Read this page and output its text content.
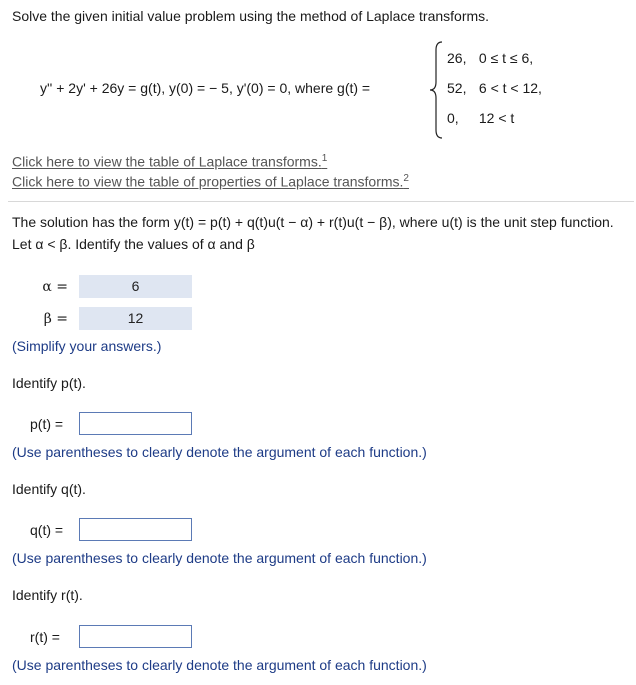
Solve the given initial value problem using the method of Laplace transforms.
y'' + 2y' + 26y = g(t), y(0) = − 5, y'(0) = 0, where g(t) =
26, 0 ≤ t ≤ 6,
52, 6 < t < 12,
0, 12 < t
Click here to view the table of Laplace transforms.$^1$
Click here to view the table of properties of Laplace transforms.$^2$
The solution has the form y(t) = p(t) + q(t)u(t − α) + r(t)u(t − β), where u(t) is the unit step function. Let α < β. Identify the values of α and β
α =	6
β =	12
(Simplify your answers.)
Identify p(t).
p(t) =
(Use parentheses to clearly denote the argument of each function.)
Identify q(t).
q(t) =
(Use parentheses to clearly denote the argument of each function.)
Identify r(t).
r(t) =
(Use parentheses to clearly denote the argument of each function.)
